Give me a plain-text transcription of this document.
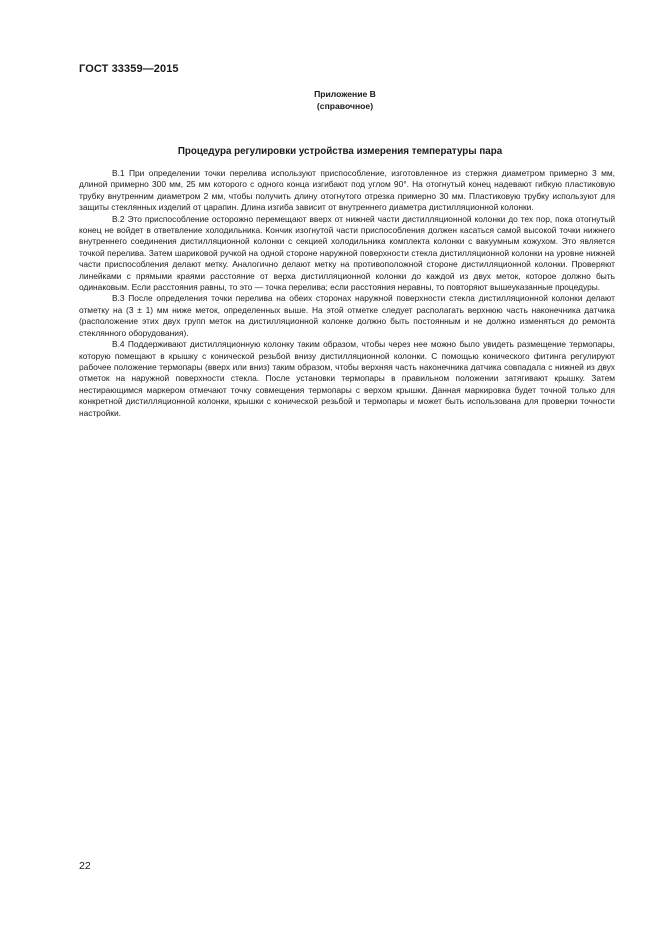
ГОСТ 33359—2015
Приложение В
(справочное)
Процедура регулировки устройства измерения температуры пара

В.1 При определении точки перелива используют приспособление, изготовленное из стержня диаметром примерно 3 мм, длиной примерно 300 мм, 25 мм которого с одного конца изгибают под углом 90°. На отогнутый конец надевают гибкую пластиковую трубку внутренним диаметром 2 мм, чтобы получить длину отогнутого отрезка примерно 30 мм. Пластиковую трубку используют для защиты стеклянных изделий от царапин. Длина изгиба зависит от внутреннего диаметра дистилляционной колонки.

В.2 Это приспособление осторожно перемещают вверх от нижней части дистилляционной колонки до тех пор, пока отогнутый конец не войдет в ответвление холодильника. Кончик изогнутой части приспособления должен касаться самой высокой точки нижнего внутреннего соединения дистилляционной колонки с секцией холодильника комплекта колонки с вакуумным кожухом. Это является точкой перелива. Затем шариковой ручкой на одной стороне наружной поверхности стекла дистилляционной колонки на уровне нижней части приспособления делают метку. Аналогично делают метку на противоположной стороне дистилляционной колонки. Проверяют линейками с прямыми краями расстояние от верха дистилляционной колонки до каждой из двух меток, которое должно быть одинаковым. Если расстояния равны, то это — точка перелива; если расстояния неравны, то повторяют вышеуказанные процедуры.

В.3 После определения точки перелива на обеих сторонах наружной поверхности стекла дистилляционной колонки делают отметку на (3 ± 1) мм ниже меток, определенных выше. На этой отметке следует располагать верхнюю часть наконечника датчика (расположение этих двух групп меток на дистилляционной колонке должно быть постоянным и не должно изменяться до ремонта стеклянного оборудования).

В.4 Поддерживают дистилляционную колонку таким образом, чтобы через нее можно было увидеть размещение термопары, которую помещают в крышку с конической резьбой внизу дистилляционной колонки. С помощью конического фитинга регулируют рабочее положение термопары (вверх или вниз) таким образом, чтобы верхняя часть наконечника датчика совпадала с нижней из двух отметок на наружной поверхности стекла. После установки термопары в правильном положении затягивают крышку. Затем нестирающимся маркером отмечают точку совмещения термопары с верхом крышки. Данная маркировка будет точной только для конкретной дистилляционной колонки, крышки с конической резьбой и термопары и может быть использована для проверки точности настройки.

22
